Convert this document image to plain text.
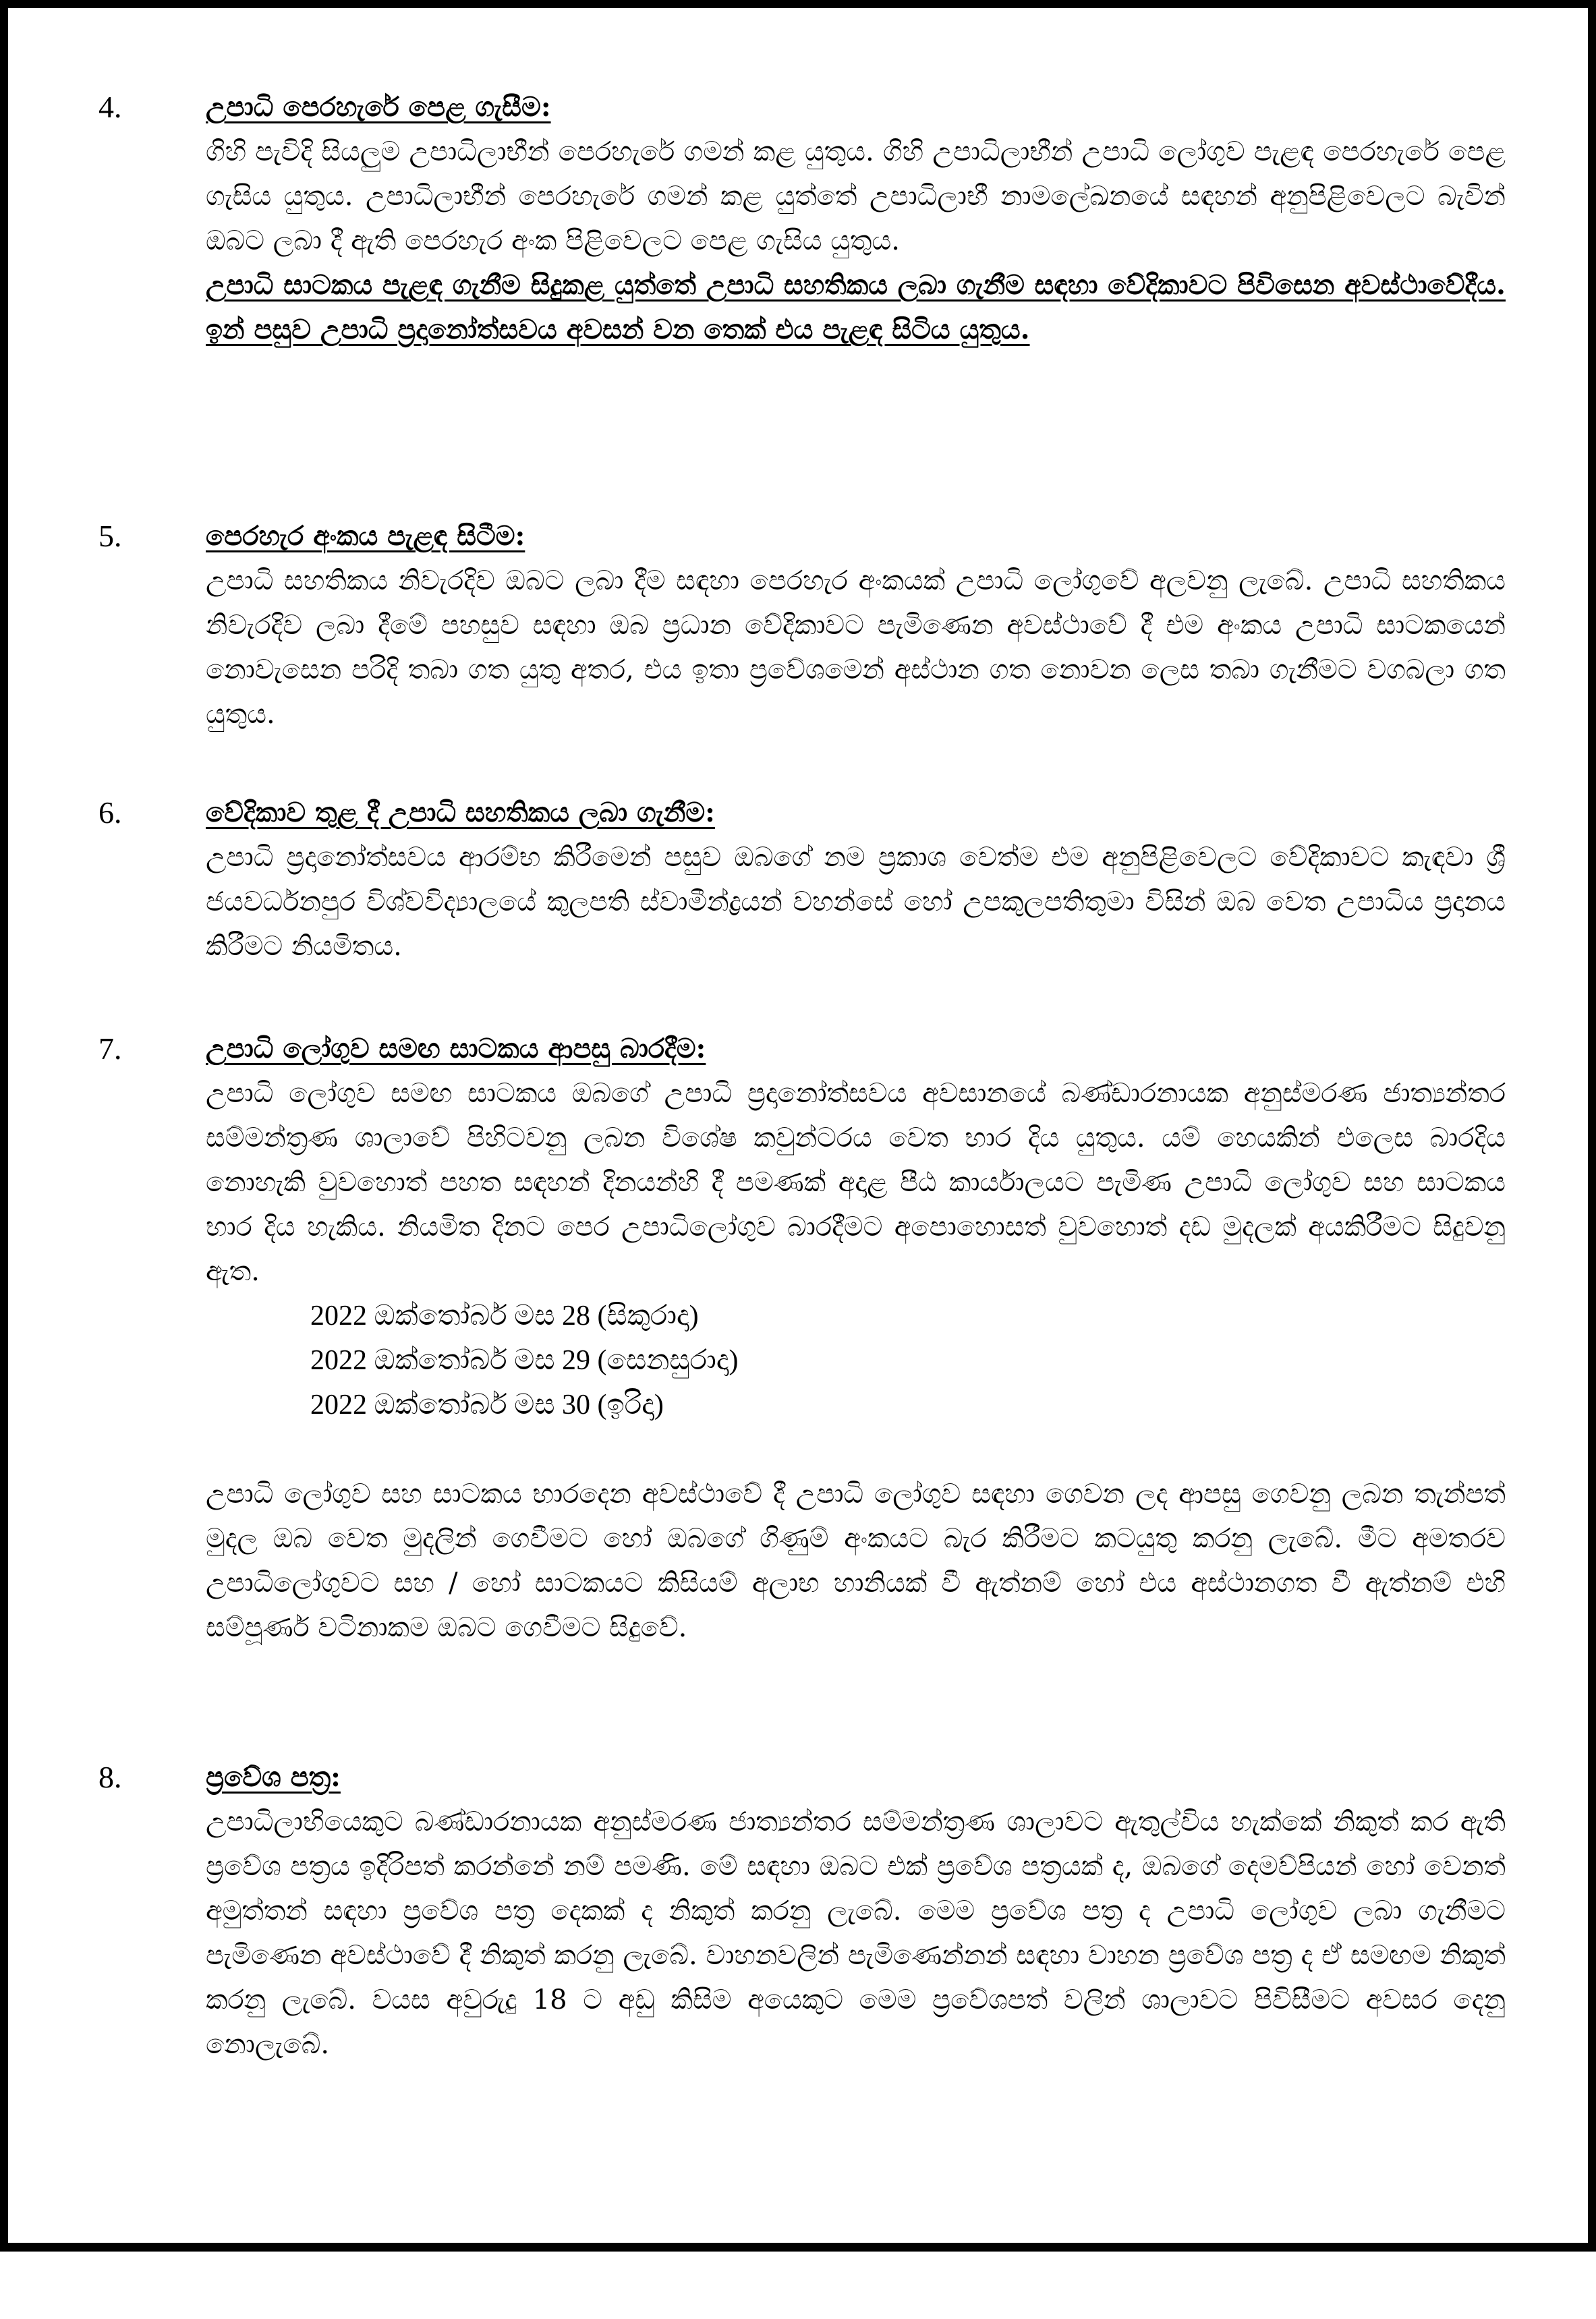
4.	උපාධි පෙරහැරේ පෙළ ගැසීම:

ගිහි පැවිදි සියලුම උපාධිලාභීන් පෙරහැරේ ගමන් කළ යුතුය. ගිහි උපාධිලාභීන් උපාධි ලෝගුව පැළඳ පෙරහැරේ පෙළ ගැසිය යුතුය. උපාධිලාභීන් පෙරහැරේ ගමන් කළ යුත්තේ උපාධිලාභී නාමලේඛනයේ සඳහන් අනුපිළිවෙලට බැවින් ඔබට ලබා දී ඇති පෙරහැර අංක පිළිවෙලට පෙළ ගැසිය යුතුය.

උපාධි සාටකය පැළඳ ගැනීම සිදුකළ යුත්තේ උපාධි සහතිකය ලබා ගැනීම සඳහා වේදිකාවට පිවිසෙන අවස්ථාවේදීය. ඉන් පසුව උපාධි ප්‍රදානෝත්සවය අවසන් වන තෙක් එය පැළඳ සිටිය යුතුය.

5.	පෙරහැර අංකය පැළඳ සිටීම:

උපාධි සහතිකය නිවැරදිව ඔබට ලබා දීම සඳහා පෙරහැර අංකයක් උපාධි ලෝගුවේ අලවනු ලැබේ. උපාධි සහතිකය නිවැරදිව ලබා දීමේ පහසුව සඳහා ඔබ ප්‍රධාන වේදිකාවට පැමිණෙන අවස්ථාවේ දී එම අංකය උපාධි සාටකයෙන් නොවැසෙන පරිදි තබා ගත යුතු අතර, එය ඉතා ප්‍රවේශමෙන් අස්ථාන ගත නොවන ලෙස තබා ගැනීමට වගබලා ගත යුතුය.

6.	වේදිකාව තුළ දී උපාධි සහතිකය ලබා ගැනීම:

උපාධි ප්‍රදානෝත්සවය ආරම්භ කිරීමෙන් පසුව ඔබගේ නම ප්‍රකාශ වෙත්ම එම අනුපිළිවෙලට වේදිකාවට කැඳවා ශ්‍රී ජයවර්ධනපුර විශ්වවිද්‍යාලයේ කුලපති ස්වාමීන්ද්‍රයන් වහන්සේ හෝ උපකුලපතිතුමා විසින් ඔබ වෙත උපාධිය ප්‍රදානය කිරීමට නියමිතය.

7.	උපාධි ලෝගුව සමඟ සාටකය ආපසු බාරදීම:

උපාධි ලෝගුව සමඟ සාටකය ඔබගේ උපාධි ප්‍රදානෝත්සවය අවසානයේ බණ්ඩාරනායක අනුස්මරණ ජාත්‍යන්තර සම්මන්ත්‍රණ ශාලාවේ පිහිටවනු ලබන විශේෂ කවුන්ටරය වෙත භාර දිය යුතුය. යම් හෙයකින් එලෙස බාරදිය නොහැකි වුවහොත් පහත සඳහන් දිනයන්හි දී පමණක් අදාළ පීඨ කාර්යාලයට පැමිණ උපාධි ලෝගුව සහ සාටකය භාර දිය හැකිය. නියමිත දිනට පෙර උපාධිලෝගුව බාරදීමට අපොහොසත් වුවහොත් දඩ මුදලක් අයකිරීමට සිදුවනු ඇත.

2022 ඔක්තෝබර් මස 28 (සිකුරාදා)
2022 ඔක්තෝබර් මස 29 (සෙනසුරාදා)
2022 ඔක්තෝබර් මස 30 (ඉරිදා)

උපාධි ලෝගුව සහ සාටකය භාරදෙන අවස්ථාවේ දී උපාධි ලෝගුව සඳහා ගෙවන ලද ආපසු ගෙවනු ලබන තැන්පත් මුදල ඔබ වෙත මුදලින් ගෙවීමට හෝ ඔබගේ ගිණුම් අංකයට බැර කිරීමට කටයුතු කරනු ලැබේ. මීට අමතරව උපාධිලෝගුවට සහ / හෝ සාටකයට කිසියම් අලාභ හානියක් වී ඇත්නම් හෝ එය අස්ථානගත වී ඇත්නම් එහි සම්පූර්ණ වටිනාකම ඔබට ගෙවීමට සිදුවේ.

8.	ප්‍රවේශ පත්‍ර:

උපාධිලාභියෙකුට බණ්ඩාරනායක අනුස්මරණ ජාත්‍යන්තර සම්මන්ත්‍රණ ශාලාවට ඇතුල්විය හැක්කේ නිකුත් කර ඇති ප්‍රවේශ පත්‍රය ඉදිරිපත් කරන්නේ නම් පමණි. මේ සඳහා ඔබට එක් ප්‍රවේශ පත්‍රයක් ද, ඔබගේ දෙමව්පියන් හෝ වෙනත් අමුත්තන් සඳහා ප්‍රවේශ පත්‍ර දෙකක් ද නිකුත් කරනු ලැබේ. මෙම ප්‍රවේශ පත්‍ර ද උපාධි ලෝගුව ලබා ගැනීමට පැමිණෙන අවස්ථාවේ දී නිකුත් කරනු ලැබේ. වාහනවලින් පැමිණෙන්නන් සඳහා වාහන ප්‍රවේශ පත්‍ර ද ඒ සමඟම නිකුත් කරනු ලැබේ. වයස අවුරුදු 18 ට අඩු කිසිම අයෙකුට මෙම ප්‍රවේශපත් වලින් ශාලාවට පිවිසීමට අවසර දෙනු නොලැබේ.
